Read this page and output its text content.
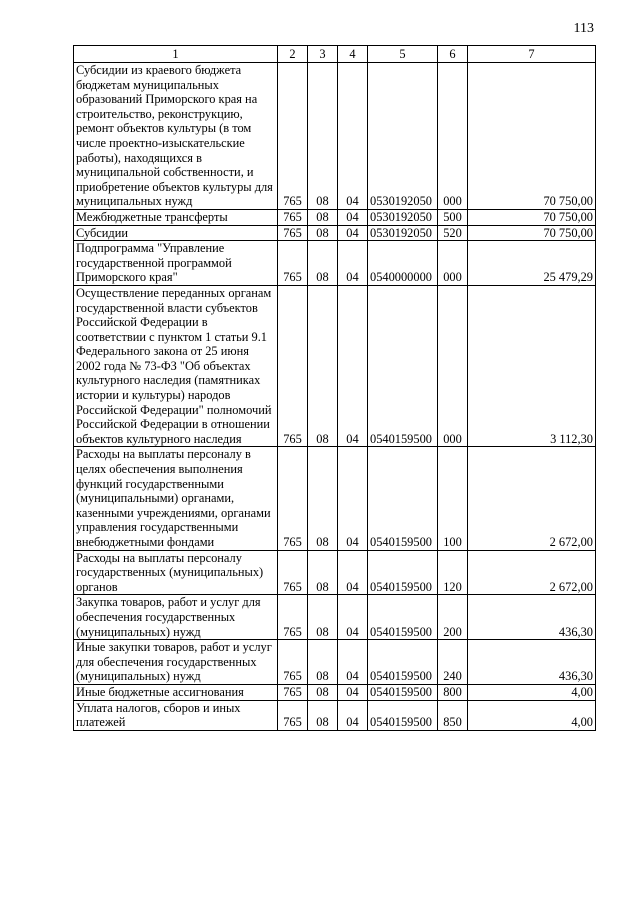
113
1	2	3	4	5	6	7
Субсидии из краевого бюджета бюджетам муниципальных образований Приморского края на строительство, реконструкцию, ремонт объектов культуры (в том числе проектно-изыскательские работы), находящихся в муниципальной собственности, и приобретение объектов культуры для муниципальных нужд	765	08	04	0530192050	000	70 750,00
Межбюджетные трансферты	765	08	04	0530192050	500	70 750,00
Субсидии	765	08	04	0530192050	520	70 750,00
Подпрограмма "Управление государственной программой Приморского края"	765	08	04	0540000000	000	25 479,29
Осуществление переданных органам государственной власти субъектов Российской Федерации в соответствии с пунктом 1 статьи 9.1 Федерального закона от 25 июня 2002 года № 73-ФЗ "Об объектах культурного наследия (памятниках истории и культуры) народов Российской Федерации" полномочий Российской Федерации в отношении объектов культурного наследия	765	08	04	0540159500	000	3 112,30
Расходы на выплаты персоналу в целях обеспечения выполнения функций государственными (муниципальными) органами, казенными учреждениями, органами управления государственными внебюджетными фондами	765	08	04	0540159500	100	2 672,00
Расходы на выплаты персоналу государственных (муниципальных) органов	765	08	04	0540159500	120	2 672,00
Закупка товаров, работ и услуг для обеспечения государственных (муниципальных) нужд	765	08	04	0540159500	200	436,30
Иные закупки товаров, работ и услуг для обеспечения государственных (муниципальных) нужд	765	08	04	0540159500	240	436,30
Иные бюджетные ассигнования	765	08	04	0540159500	800	4,00
Уплата налогов, сборов и иных платежей	765	08	04	0540159500	850	4,00
